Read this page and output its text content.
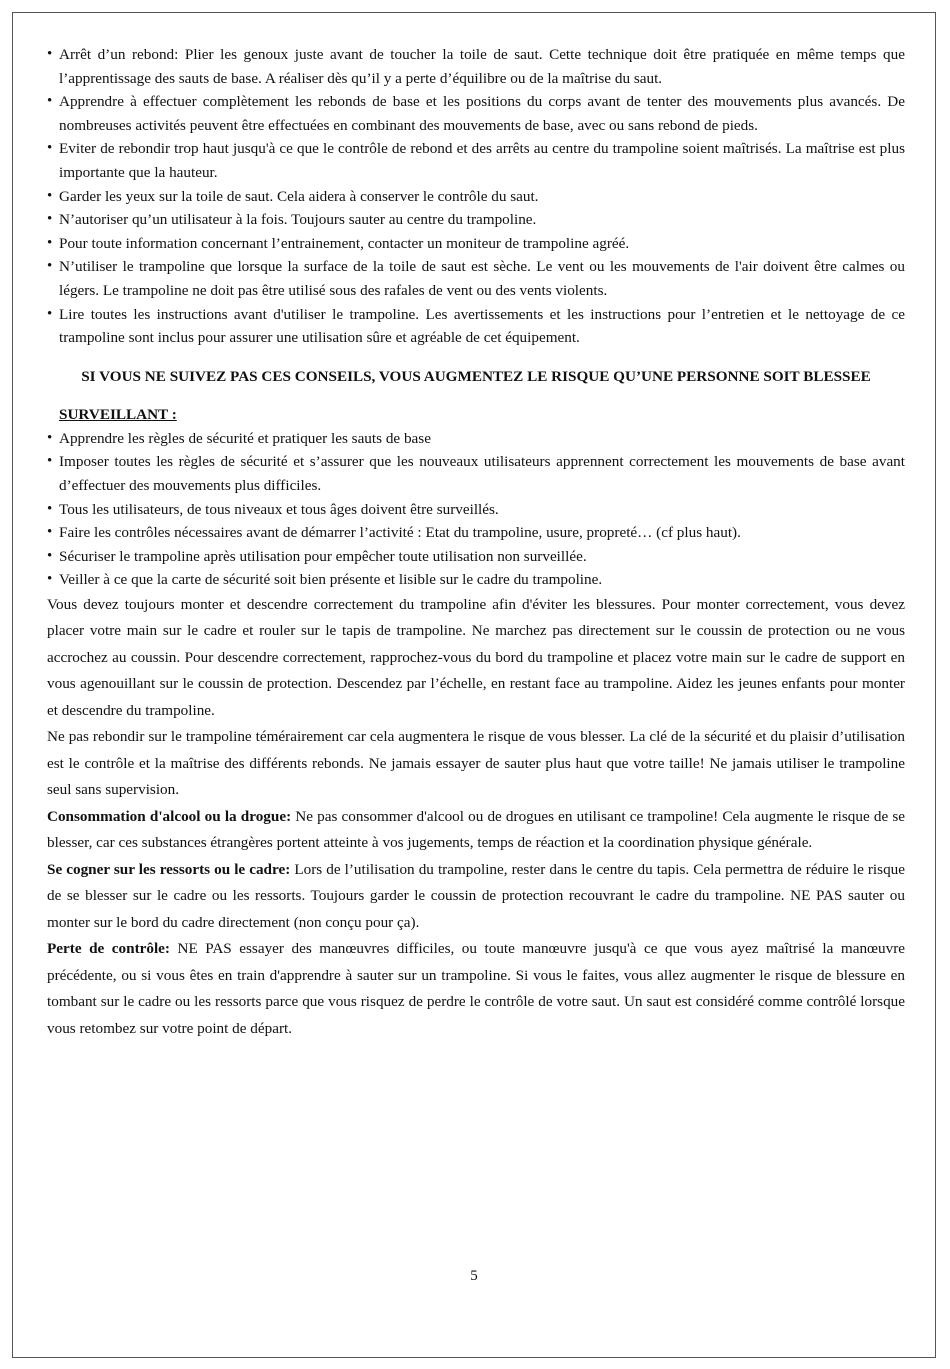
• Arrêt d’un rebond: Plier les genoux juste avant de toucher la toile de saut. Cette technique doit être pratiquée en même temps que l’apprentissage des sauts de base. A réaliser dès qu’il y a perte d’équilibre ou de la maîtrise du saut.
• Apprendre à effectuer complètement les rebonds de base et les positions du corps avant de tenter des mouvements plus avancés. De nombreuses activités peuvent être effectuées en combinant des mouvements de base, avec ou sans rebond de pieds.
• Eviter de rebondir trop haut jusqu'à ce que le contrôle de rebond et des arrêts au centre du trampoline soient maîtrisés. La maîtrise est plus importante que la hauteur.
• Garder les yeux sur la toile de saut. Cela aidera à conserver le contrôle du saut.
• N’autoriser qu’un utilisateur à la fois. Toujours sauter au centre du trampoline.
• Pour toute information concernant l’entrainement, contacter un moniteur de trampoline agréé.
• N’utiliser le trampoline que lorsque la surface de la toile de saut est sèche. Le vent ou les mouvements de l'air doivent être calmes ou légers. Le trampoline ne doit pas être utilisé sous des rafales de vent ou des vents violents.
• Lire toutes les instructions avant d'utiliser le trampoline. Les avertissements et les instructions pour l’entretien et le nettoyage de ce trampoline sont inclus pour assurer une utilisation sûre et agréable de cet équipement.
SI VOUS NE SUIVEZ PAS CES CONSEILS, VOUS AUGMENTEZ LE RISQUE QU’UNE PERSONNE SOIT BLESSEE
SURVEILLANT :
• Apprendre les règles de sécurité et pratiquer les sauts de base
• Imposer toutes les règles de sécurité et s’assurer que les nouveaux utilisateurs apprennent correctement les mouvements de base avant d’effectuer des mouvements plus difficiles.
• Tous les utilisateurs, de tous niveaux et tous âges doivent être surveillés.
• Faire les contrôles nécessaires avant de démarrer l’activité : Etat du trampoline, usure, propreté… (cf plus haut).
• Sécuriser le trampoline après utilisation pour empêcher toute utilisation non surveillée.
• Veiller à ce que la carte de sécurité soit bien présente et lisible sur le cadre du trampoline.

Vous devez toujours monter et descendre correctement du trampoline afin d'éviter les blessures. Pour monter correctement, vous devez placer votre main sur le cadre et rouler sur le tapis de trampoline. Ne marchez pas directement sur le coussin de protection ou ne vous accrochez au coussin. Pour descendre correctement, rapprochez-vous du bord du trampoline et placez votre main sur le cadre de support en vous agenouillant sur le coussin de protection. Descendez par l’échelle, en restant face au trampoline. Aidez les jeunes enfants pour monter et descendre du trampoline.

Ne pas rebondir sur le trampoline témérairement car cela augmentera le risque de vous blesser. La clé de la sécurité et du plaisir d’utilisation est le contrôle et la maîtrise des différents rebonds. Ne jamais essayer de sauter plus haut que votre taille! Ne jamais utiliser le trampoline seul sans supervision.

Consommation d'alcool ou la drogue: Ne pas consommer d'alcool ou de drogues en utilisant ce trampoline! Cela augmente le risque de se blesser, car ces substances étrangères portent atteinte à vos jugements, temps de réaction et la coordination physique générale.

Se cogner sur les ressorts ou le cadre: Lors de l’utilisation du trampoline, rester dans le centre du tapis. Cela permettra de réduire le risque de se blesser sur le cadre ou les ressorts. Toujours garder le coussin de protection recouvrant le cadre du trampoline. NE PAS sauter ou monter sur le bord du cadre directement (non conçu pour ça).

Perte de contrôle: NE PAS essayer des manœuvres difficiles, ou toute manœuvre jusqu'à ce que vous ayez maîtrisé la manœuvre précédente, ou si vous êtes en train d'apprendre à sauter sur un trampoline. Si vous le faites, vous allez augmenter le risque de blessure en tombant sur le cadre ou les ressorts parce que vous risquez de perdre le contrôle de votre saut. Un saut est considéré comme contrôlé lorsque vous retombez sur votre point de départ.

5
